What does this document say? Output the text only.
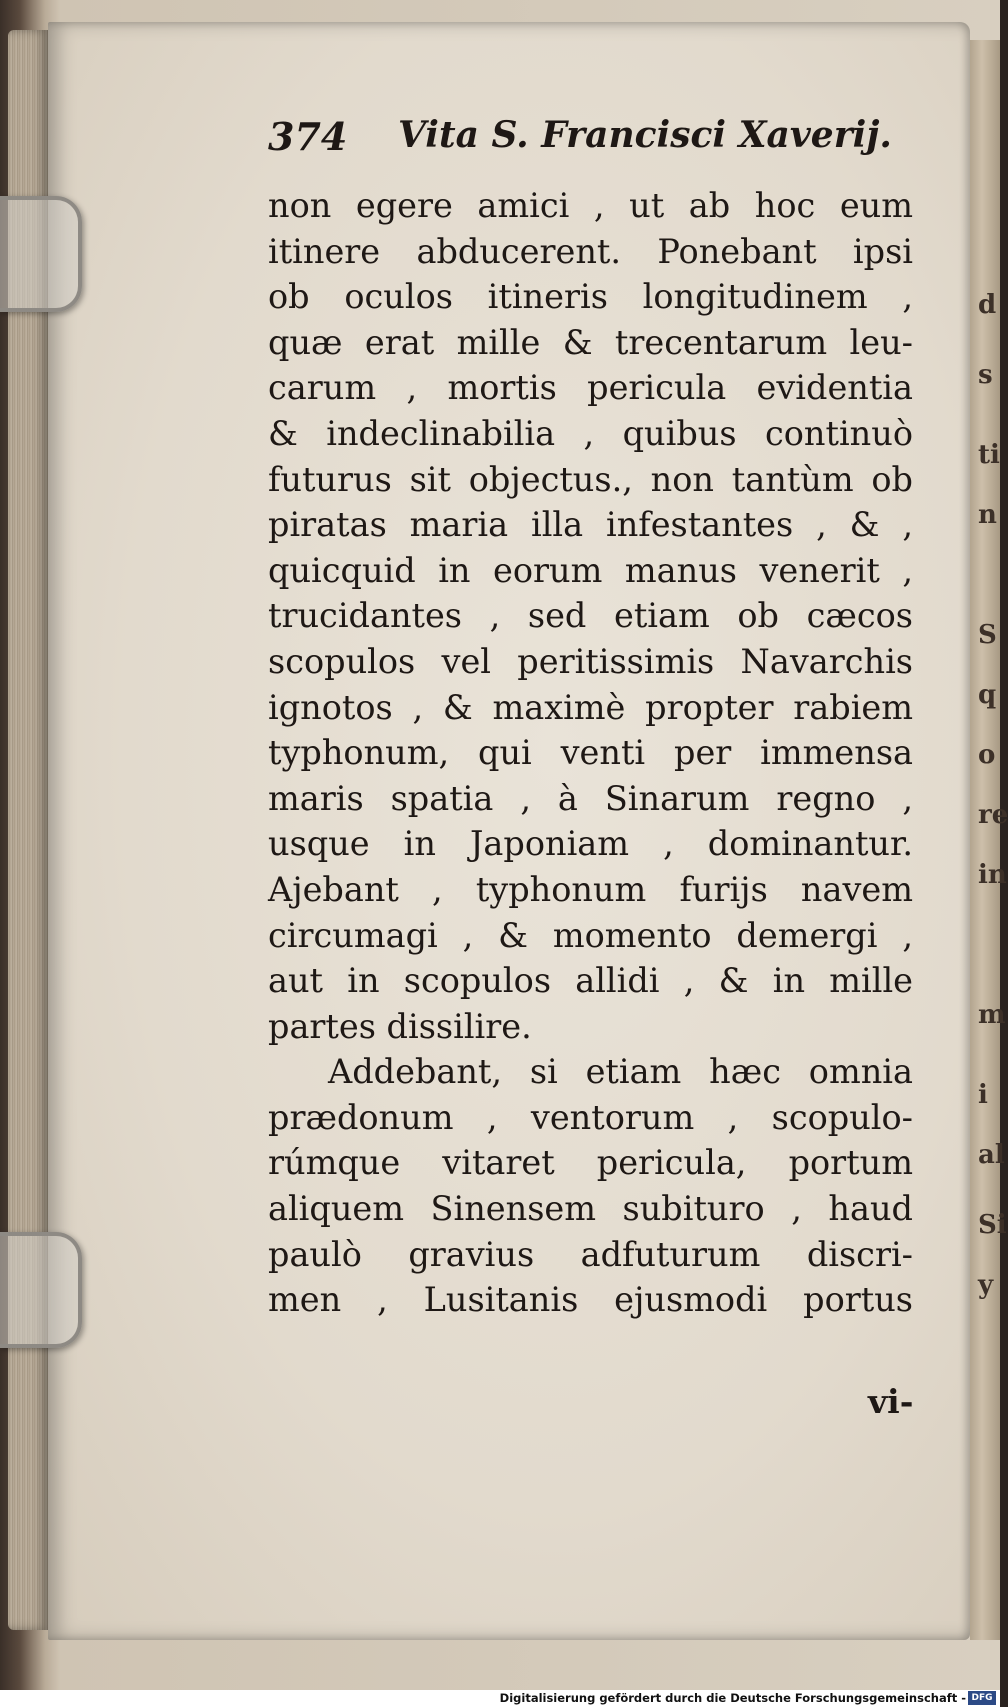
d
s
ti
n
S
q
o
re
in
m
i
al
Si
y
374 Vita S. Francisci Xaverij.
non egere amici , ut ab hoc eum
itinere abducerent. Ponebant ipsi
ob oculos itineris longitudinem ,
quæ erat mille & trecentarum leu-
carum , mortis pericula evidentia
& indeclinabilia , quibus continuò
futurus sit objectus., non tantùm ob
piratas maria illa infestantes , & ,
quicquid in eorum manus venerit ,
trucidantes , sed etiam ob cæcos
scopulos vel peritissimis Navarchis
ignotos , & maximè propter rabiem
typhonum, qui venti per immensa
maris spatia , à Sinarum regno ,
usque in Japoniam , dominantur.
Ajebant , typhonum furijs navem
circumagi , & momento demergi ,
aut in scopulos allidi , & in mille
partes dissilire.
Addebant, si etiam hæc omnia
prædonum , ventorum , scopulo-
rúmque vitaret pericula, portum
aliquem Sinensem subituro , haud
paulò gravius adfuturum discri-
men , Lusitanis ejusmodi portus
vi-
Digitalisierung gefördert durch die Deutsche Forschungsgemeinschaft - DFG
